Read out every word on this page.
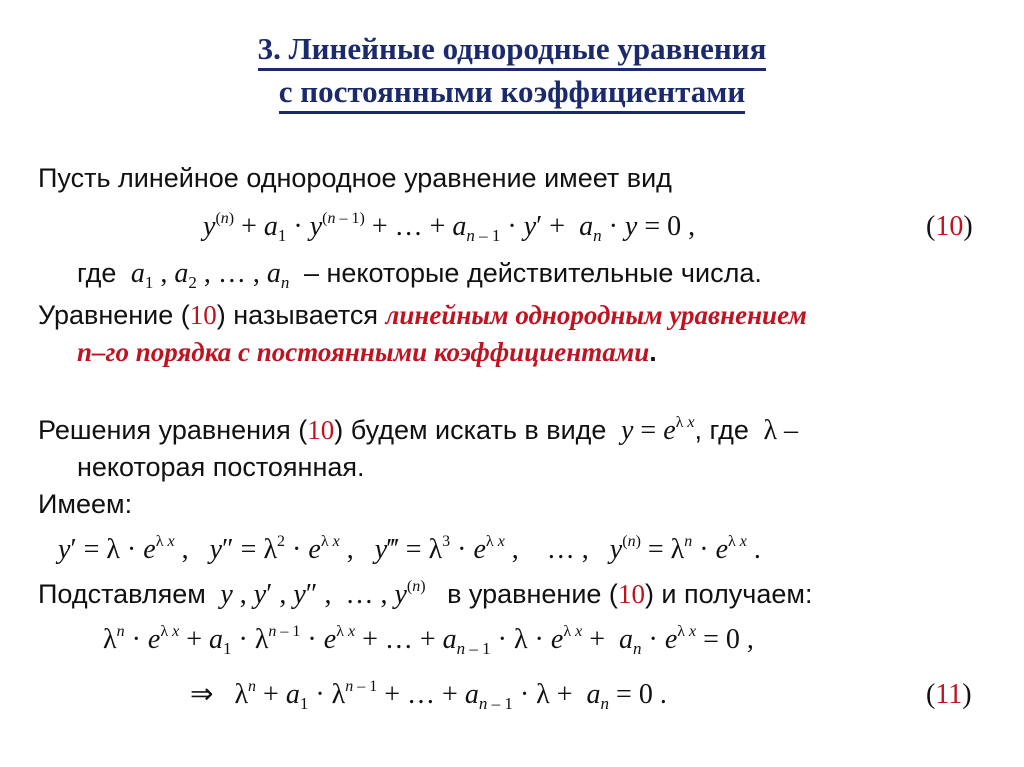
3. Линейные однородные уравнения
с постоянными коэффициентами
Пусть линейное однородное уравнение имеет вид
$y^{(n)} + a_1 \cdot y^{(n - 1)}$ + … + $a_{n - 1} \cdot y' + a_n \cdot y = 0$ ,	(10)
где $a_1$ , $a_2$ , … , $a_n$ – некоторые действительные числа.
Уравнение (10) называется линейным однородным уравнением
n–го порядка с постоянными коэффициентами.
Решения уравнения (10) будем искать в виде $y = e^{\lambda x}$, где  λ –
некоторая постоянная.
Имеем:
$y' = \lambda \cdot e^{\lambda x}$ ,   $y'' = \lambda^2 \cdot e^{\lambda x}$ ,   y‴ = $\lambda^3 \cdot e^{\lambda x}$ ,    … ,   $y^{(n)} = \lambda^n \cdot e^{\lambda x}$ .
Подставляем y , y′ , y″ ,  … , $y^{(n)}$ в уравнение (10) и получаем:
$\lambda^n \cdot e^{\lambda x} + a_1 \cdot \lambda^{n - 1} \cdot e^{\lambda x}$ + … + $a_{n - 1} \cdot \lambda \cdot e^{\lambda x} + a_n \cdot e^{\lambda x} = 0$ ,
⇒   $\lambda^n + a_1 \cdot \lambda^{n - 1}$ + … + $a_{n - 1} \cdot \lambda + a_n = 0$ .	(11)
